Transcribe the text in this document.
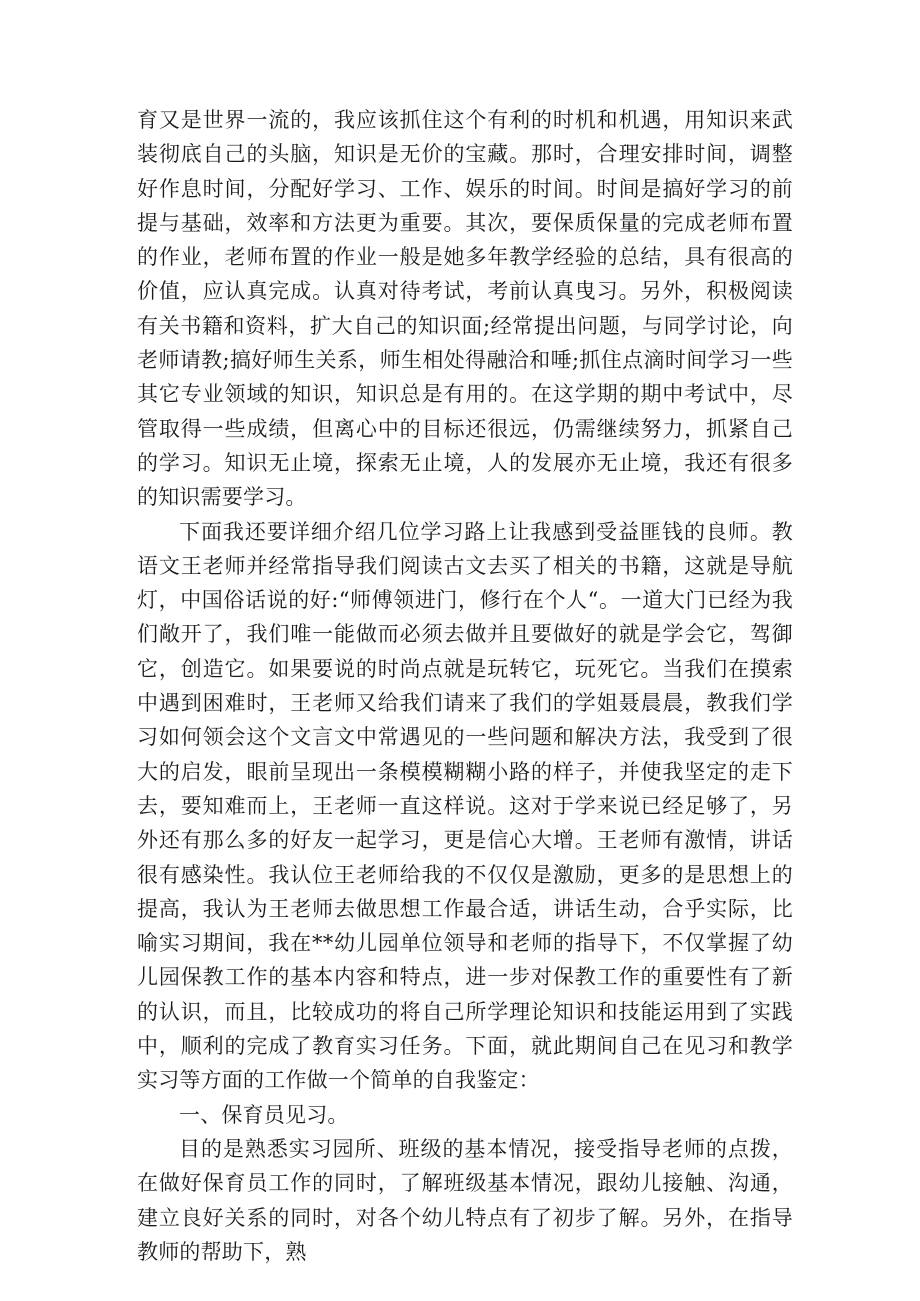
育又是世界一流的，我应该抓住这个有利的时机和机遇，用知识来武装彻底自己的头脑，知识是无价的宝藏。那时，合理安排时间，调整好作息时间，分配好学习、工作、娱乐的时间。时间是搞好学习的前提与基础，效率和方法更为重要。其次，要保质保量的完成老师布置的作业，老师布置的作业一般是她多年教学经验的总结，具有很高的价值，应认真完成。认真对待考试，考前认真曳习。另外，积极阅读有关书籍和资料，扩大自己的知识面;经常提出问题，与同学讨论，向老师请教;搞好师生关系，师生相处得融洽和唾;抓住点滴时间学习一些其它专业领域的知识，知识总是有用的。在这学期的期中考试中，尽管取得一些成绩，但离心中的目标还很远，仍需继续努力，抓紧自己的学习。知识无止境，探索无止境，人的发展亦无止境，我还有很多的知识需要学习。

下面我还要详细介绍几位学习路上让我感到受益匪钱的良师。教语文王老师并经常指导我们阅读古文去买了相关的书籍，这就是导航灯，中国俗话说的好:“师傅领进门，修行在个人“。一道大门已经为我们敞开了，我们唯一能做而必须去做并且要做好的就是学会它，驾御它，创造它。如果要说的时尚点就是玩转它，玩死它。当我们在摸索中遇到困难时，王老师又给我们请来了我们的学姐聂晨晨，教我们学习如何领会这个文言文中常遇见的一些问题和解决方法，我受到了很大的启发，眼前呈现出一条模模糊糊小路的样子，并使我坚定的走下去，要知难而上，王老师一直这样说。这对于学来说已经足够了，另外还有那么多的好友一起学习，更是信心大增。王老师有激情，讲话很有感染性。我认位王老师给我的不仅仅是激励，更多的是思想上的提高，我认为王老师去做思想工作最合适，讲话生动，合乎实际，比喻实习期间，我在**幼儿园单位领导和老师的指导下，不仅掌握了幼儿园保教工作的基本内容和特点，进一步对保教工作的重要性有了新的认识，而且，比较成功的将自己所学理论知识和技能运用到了实践中，顺利的完成了教育实习任务。下面，就此期间自己在见习和教学实习等方面的工作做一个简单的自我鉴定：

一、保育员见习。

目的是熟悉实习园所、班级的基本情况，接受指导老师的点拨，在做好保育员工作的同时，了解班级基本情况，跟幼儿接触、沟通，建立良好关系的同时，对各个幼儿特点有了初步了解。另外，在指导教师的帮助下，熟
